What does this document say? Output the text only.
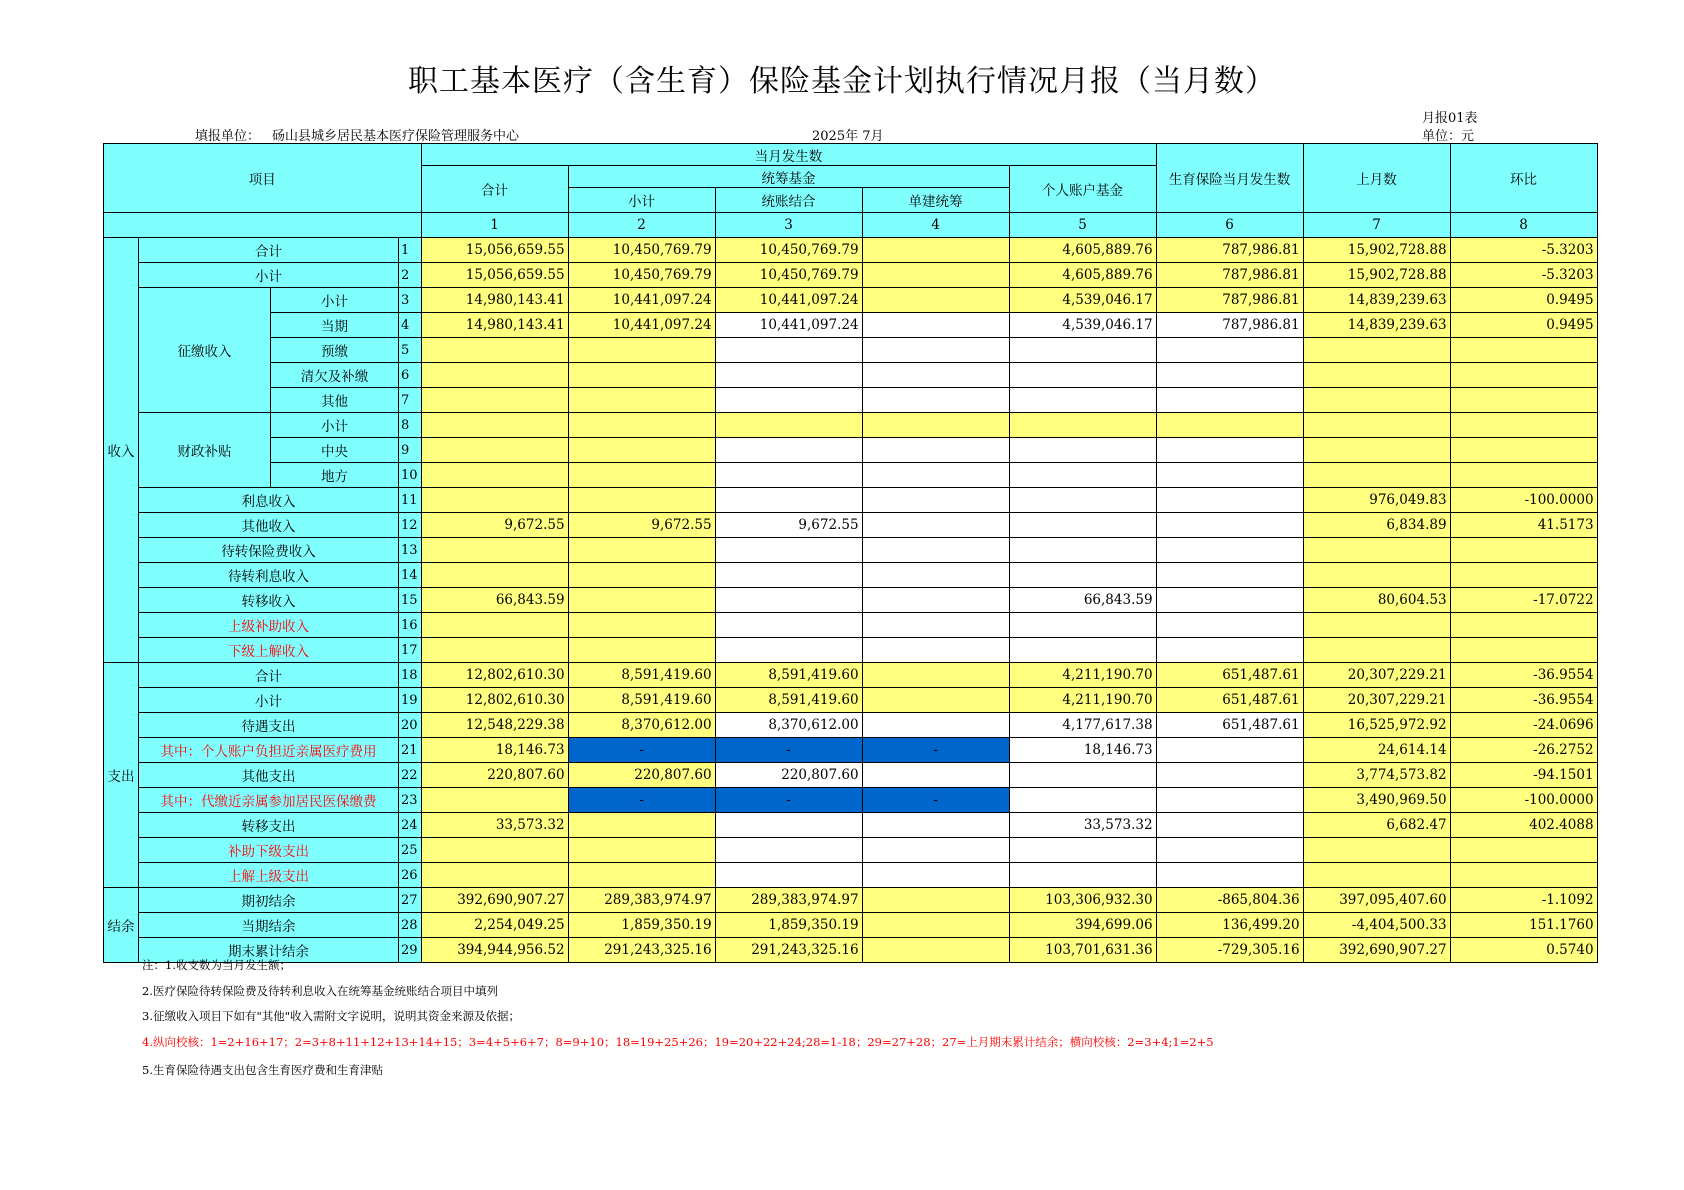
职工基本医疗（含生育）保险基金计划执行情况月报（当月数）
月报01表
填报单位： 砀山县城乡居民基本医疗保险管理服务中心	2025年 7月	单位：元
项目				当月发生数					生育保险当月发生数	上月数	环比
				合计	统筹基金			个人账户基金			
					小计	统账结合	单建统筹				
				1	2	3	4	5	6	7	8
收入	合计		1	15,056,659.55	10,450,769.79	10,450,769.79		4,605,889.76	787,986.81	15,902,728.88	-5.3203
	小计		2	15,056,659.55	10,450,769.79	10,450,769.79		4,605,889.76	787,986.81	15,902,728.88	-5.3203
	征缴收入	小计	3	14,980,143.41	10,441,097.24	10,441,097.24		4,539,046.17	787,986.81	14,839,239.63	0.9495
		当期	4	14,980,143.41	10,441,097.24	10,441,097.24		4,539,046.17	787,986.81	14,839,239.63	0.9495
		预缴	5								
		清欠及补缴	6								
		其他	7								
	财政补贴	小计	8								
		中央	9								
		地方	10								
	利息收入		11							976,049.83	-100.0000
	其他收入		12	9,672.55	9,672.55	9,672.55				6,834.89	41.5173
	待转保险费收入		13								
	待转利息收入		14								
	转移收入		15	66,843.59				66,843.59		80,604.53	-17.0722
	上级补助收入		16								
	下级上解收入		17								
支出	合计		18	12,802,610.30	8,591,419.60	8,591,419.60		4,211,190.70	651,487.61	20,307,229.21	-36.9554
	小计		19	12,802,610.30	8,591,419.60	8,591,419.60		4,211,190.70	651,487.61	20,307,229.21	-36.9554
	待遇支出		20	12,548,229.38	8,370,612.00	8,370,612.00		4,177,617.38	651,487.61	16,525,972.92	-24.0696
	其中：个人账户负担近亲属医疗费用		21	18,146.73	-	-	-	18,146.73		24,614.14	-26.2752
	其他支出		22	220,807.60	220,807.60	220,807.60				3,774,573.82	-94.1501
	其中：代缴近亲属参加居民医保缴费		23		-	-	-			3,490,969.50	-100.0000
	转移支出		24	33,573.32				33,573.32		6,682.47	402.4088
	补助下级支出		25								
	上解上级支出		26								
结余	期初结余		27	392,690,907.27	289,383,974.97	289,383,974.97		103,306,932.30	-865,804.36	397,095,407.60	-1.1092
	当期结余		28	2,254,049.25	1,859,350.19	1,859,350.19		394,699.06	136,499.20	-4,404,500.33	151.1760
	期末累计结余		29	394,944,956.52	291,243,325.16	291,243,325.16		103,701,631.36	-729,305.16	392,690,907.27	0.5740
注：1.收支数为当月发生额；
2.医疗保险待转保险费及待转利息收入在统筹基金统账结合项目中填列
3.征缴收入项目下如有"其他"收入需附文字说明，说明其资金来源及依据；
4.纵向校核：1=2+16+17；2=3+8+11+12+13+14+15；3=4+5+6+7；8=9+10；18=19+25+26；19=20+22+24;28=1-18；29=27+28；27=上月期末累计结余；横向校核：2=3+4;1=2+5
5.生育保险待遇支出包含生育医疗费和生育津贴
